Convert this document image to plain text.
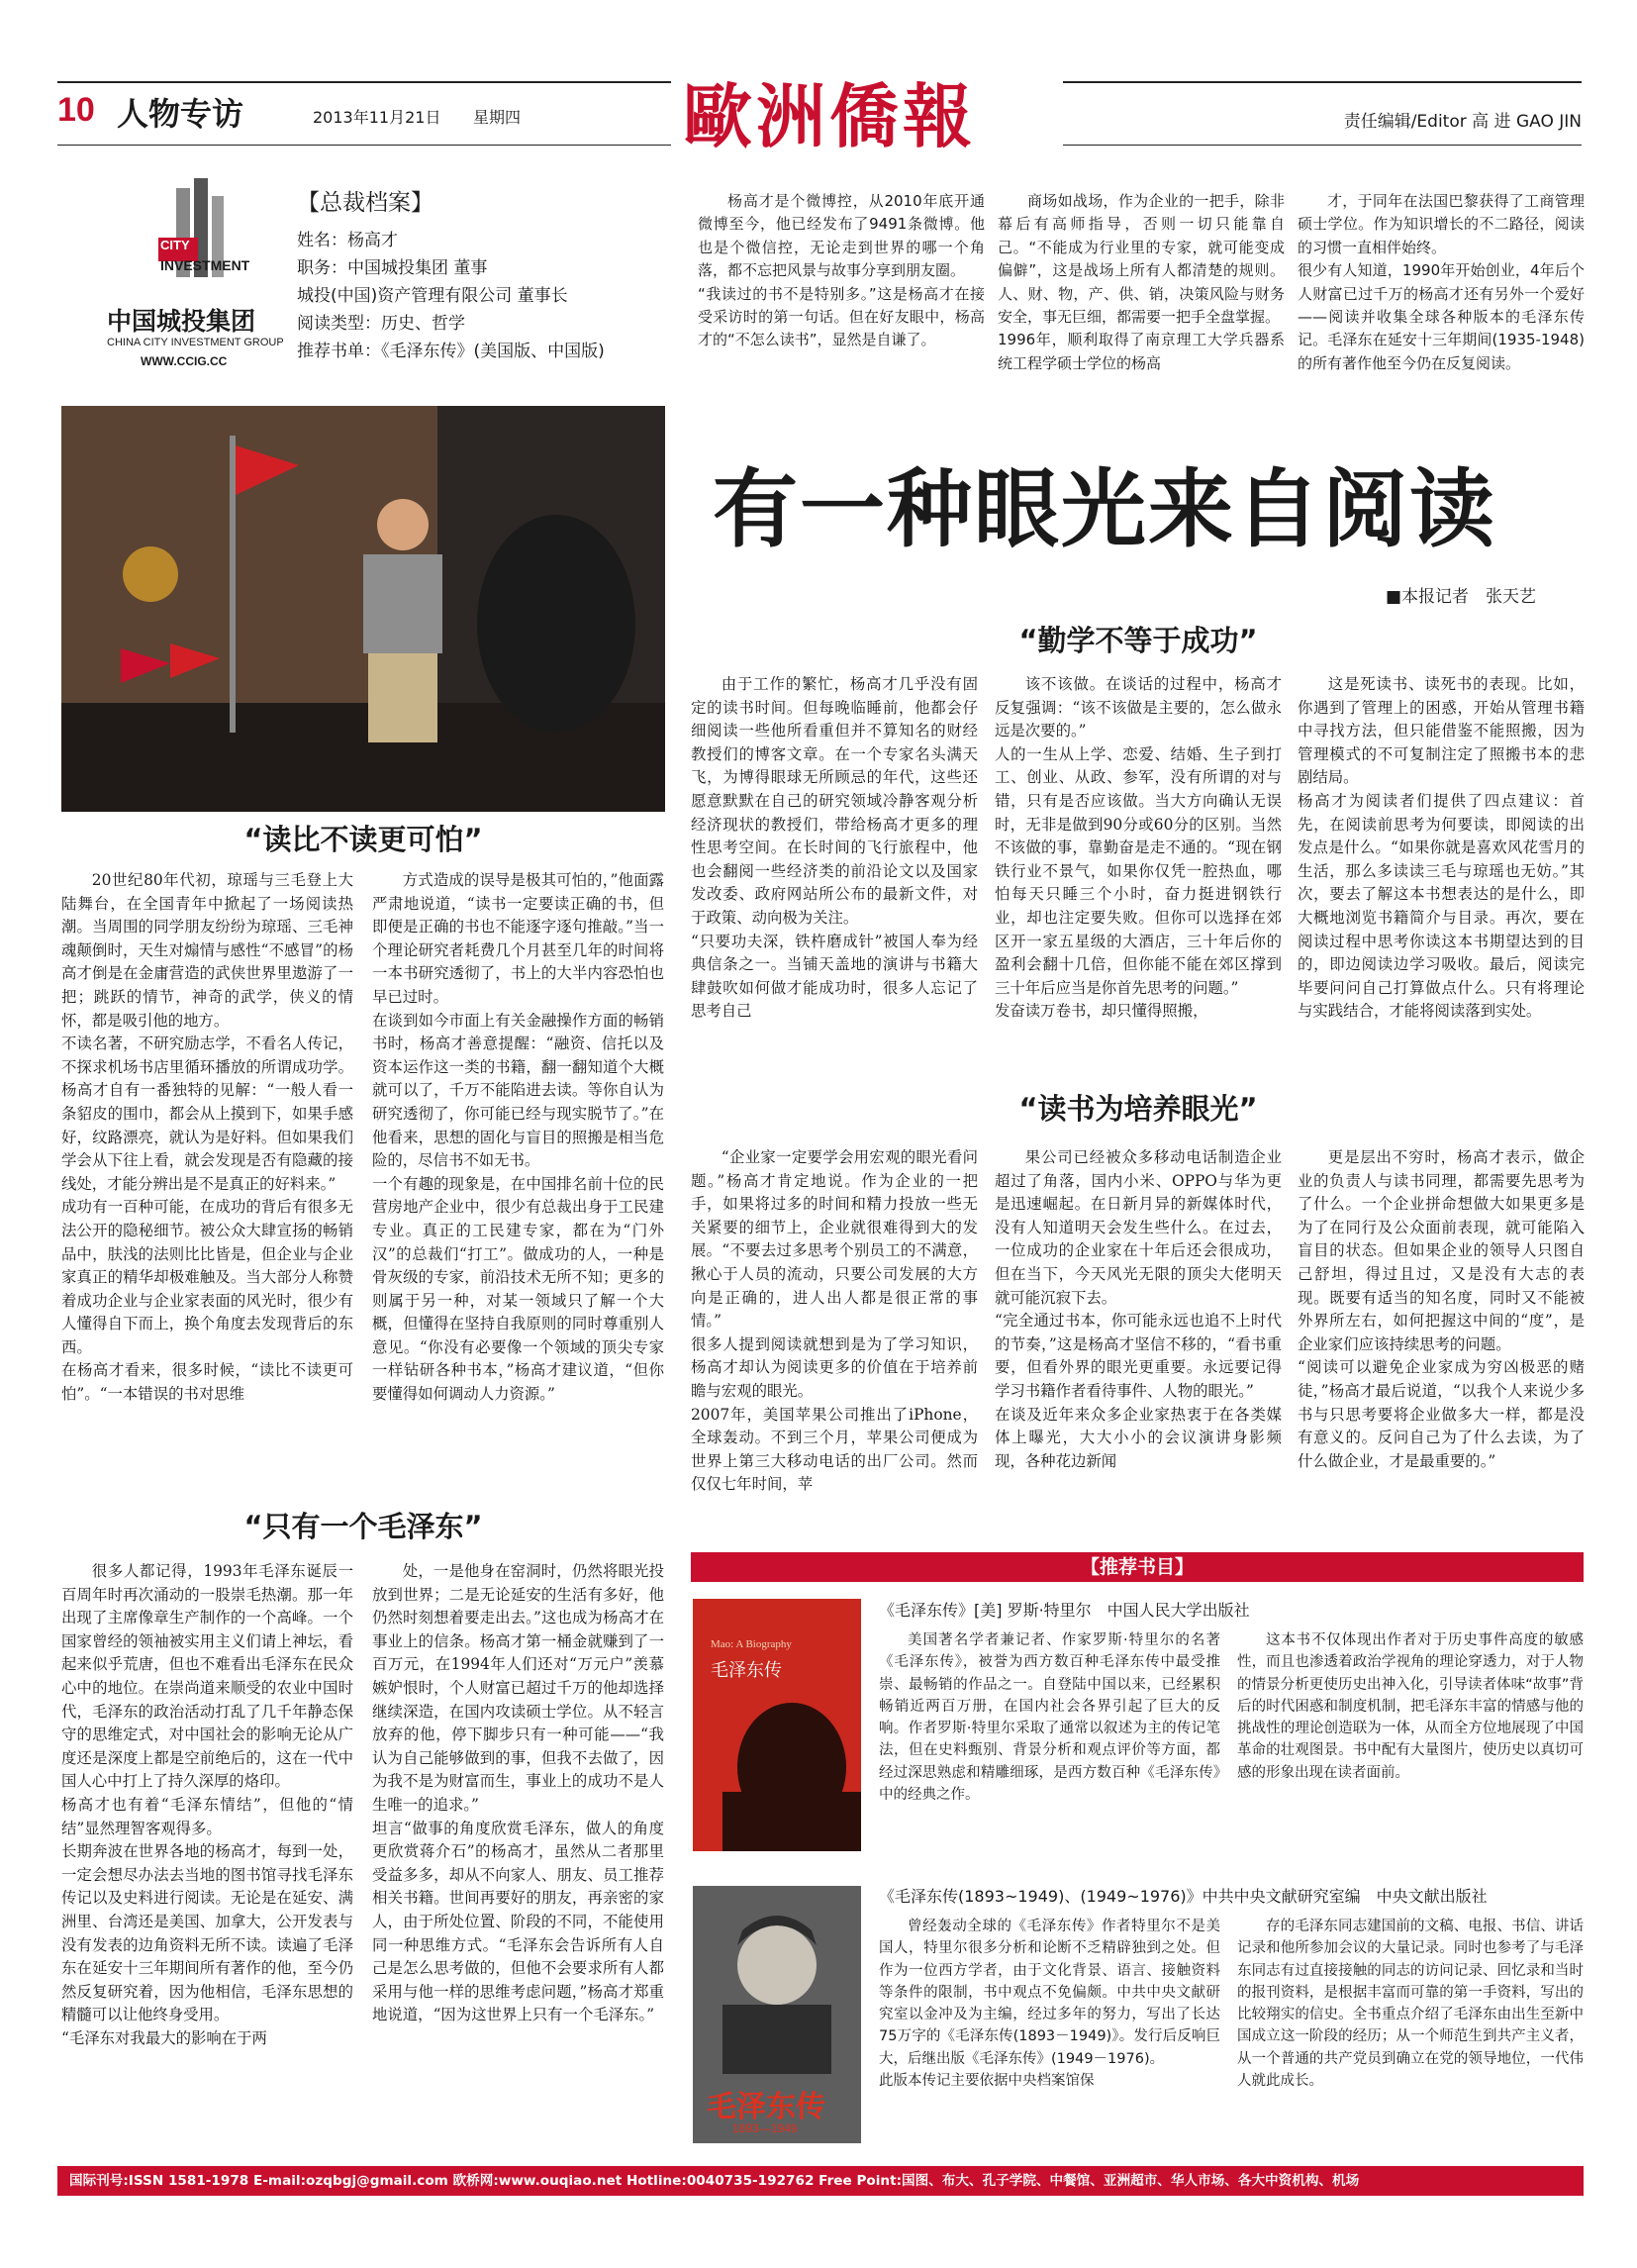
10 人物专访	2013年11月21日 星期四 歐洲僑報	责任编辑/Editor 高 进 GAO JIN
CITY
INVESTMENT
中国城投集团
CHINA CITY INVESTMENT GROUP
WWW.CCIG.CC
【总裁档案】
姓名：杨高才
职务：中国城投集团 董事
城投(中国)资产管理有限公司 董事长
阅读类型：历史、哲学
推荐书单：《毛泽东传》(美国版、中国版)

杨高才是个微博控，从2010年底开通微博至今，他已经发布了9491条微博。他也是个微信控，无论走到世界的哪一个角落，都不忘把风景与故事分享到朋友圈。
“我读过的书不是特别多。”这是杨高才在接受采访时的第一句话。但在好友眼中，杨高才的“不怎么读书”，显然是自谦了。

商场如战场，作为企业的一把手，除非幕后有高师指导，否则一切只能靠自己。“不能成为行业里的专家，就可能变成偏僻”，这是战场上所有人都清楚的规则。人、财、物，产、供、销，决策风险与财务安全，事无巨细，都需要一把手全盘掌握。
1996年，顺利取得了南京理工大学兵器系统工程学硕士学位的杨高

才，于同年在法国巴黎获得了工商管理硕士学位。作为知识增长的不二路径，阅读的习惯一直相伴始终。
很少有人知道，1990年开始创业，4年后个人财富已过千万的杨高才还有另外一个爱好——阅读并收集全球各种版本的毛泽东传记。毛泽东在延安十三年期间(1935-1948)的所有著作他至今仍在反复阅读。

有一种眼光来自阅读
■本报记者　张天艺
“勤学不等于成功”

由于工作的繁忙，杨高才几乎没有固定的读书时间。但每晚临睡前，他都会仔细阅读一些他所看重但并不算知名的财经教授们的博客文章。在一个专家名头满天飞，为博得眼球无所顾忌的年代，这些还愿意默默在自己的研究领域冷静客观分析经济现状的教授们，带给杨高才更多的理性思考空间。在长时间的飞行旅程中，他也会翻阅一些经济类的前沿论文以及国家发改委、政府网站所公布的最新文件，对于政策、动向极为关注。
“只要功夫深，铁杵磨成针”被国人奉为经典信条之一。当铺天盖地的演讲与书籍大肆鼓吹如何做才能成功时，很多人忘记了思考自己

该不该做。在谈话的过程中，杨高才反复强调：“该不该做是主要的，怎么做永远是次要的。”
人的一生从上学、恋爱、结婚、生子到打工、创业、从政、参军，没有所谓的对与错，只有是否应该做。当大方向确认无误时，无非是做到90分或60分的区别。当然不该做的事，靠勤奋是走不通的。“现在钢铁行业不景气，如果你仅凭一腔热血，哪怕每天只睡三个小时，奋力挺进钢铁行业，却也注定要失败。但你可以选择在郊区开一家五星级的大酒店，三十年后你的盈利会翻十几倍，但你能不能在郊区撑到三十年后应当是你首先思考的问题。”
发奋读万卷书，却只懂得照搬，

这是死读书、读死书的表现。比如，你遇到了管理上的困惑，开始从管理书籍中寻找方法，但只能借鉴不能照搬，因为管理模式的不可复制注定了照搬书本的悲剧结局。
杨高才为阅读者们提供了四点建议：首先，在阅读前思考为何要读，即阅读的出发点是什么。“如果你就是喜欢风花雪月的生活，那么多读读三毛与琼瑶也无妨。”其次，要去了解这本书想表达的是什么，即大概地浏览书籍简介与目录。再次，要在阅读过程中思考你读这本书期望达到的目的，即边阅读边学习吸收。最后，阅读完毕要问问自己打算做点什么。只有将理论与实践结合，才能将阅读落到实处。

“读书为培养眼光”

“企业家一定要学会用宏观的眼光看问题。”杨高才肯定地说。作为企业的一把手，如果将过多的时间和精力投放一些无关紧要的细节上，企业就很难得到大的发展。“不要去过多思考个别员工的不满意，揪心于人员的流动，只要公司发展的大方向是正确的，进人出人都是很正常的事情。”
很多人提到阅读就想到是为了学习知识，杨高才却认为阅读更多的价值在于培养前瞻与宏观的眼光。
2007年，美国苹果公司推出了iPhone，全球轰动。不到三个月，苹果公司便成为世界上第三大移动电话的出厂公司。然而仅仅七年时间，苹

果公司已经被众多移动电话制造企业超过了角落，国内小米、OPPO与华为更是迅速崛起。在日新月异的新媒体时代，没有人知道明天会发生些什么。在过去，一位成功的企业家在十年后还会很成功，但在当下，今天风光无限的顶尖大佬明天就可能沉寂下去。
“完全通过书本，你可能永远也追不上时代的节奏，”这是杨高才坚信不移的，“看书重要，但看外界的眼光更重要。永远要记得学习书籍作者看待事件、人物的眼光。”
在谈及近年来众多企业家热衷于在各类媒体上曝光，大大小小的会议演讲身影频现，各种花边新闻

更是层出不穷时，杨高才表示，做企业的负责人与读书同理，都需要先思考为了什么。一个企业拼命想做大如果更多是为了在同行及公众面前表现，就可能陷入盲目的状态。但如果企业的领导人只图自己舒坦，得过且过，又是没有大志的表现。既要有适当的知名度，同时又不能被外界所左右，如何把握这中间的“度”，是企业家们应该持续思考的问题。
“阅读可以避免企业家成为穷凶极恶的赌徒，”杨高才最后说道，“以我个人来说少多书与只思考要将企业做多大一样，都是没有意义的。反问自己为了什么去读，为了什么做企业，才是最重要的。”

“读比不读更可怕”

20世纪80年代初，琼瑶与三毛登上大陆舞台，在全国青年中掀起了一场阅读热潮。当周围的同学朋友纷纷为琼瑶、三毛神魂颠倒时，天生对煽情与感性“不感冒”的杨高才倒是在金庸营造的武侠世界里遨游了一把；跳跃的情节，神奇的武学，侠义的情怀，都是吸引他的地方。
不读名著，不研究励志学，不看名人传记，不探求机场书店里循环播放的所谓成功学。杨高才自有一番独特的见解：“一般人看一条貂皮的围巾，都会从上摸到下，如果手感好，纹路漂亮，就认为是好料。但如果我们学会从下往上看，就会发现是否有隐藏的接线处，才能分辨出是不是真正的好料来。”
成功有一百种可能，在成功的背后有很多无法公开的隐秘细节。被公众大肆宣扬的畅销品中，肤浅的法则比比皆是，但企业与企业家真正的精华却极难触及。当大部分人称赞着成功企业与企业家表面的风光时，很少有人懂得自下而上，换个角度去发现背后的东西。
在杨高才看来，很多时候，“读比不读更可怕”。“一本错误的书对思维

方式造成的误导是极其可怕的，”他面露严肃地说道，“读书一定要读正确的书，但即便是正确的书也不能逐字逐句推敲。”当一个理论研究者耗费几个月甚至几年的时间将一本书研究透彻了，书上的大半内容恐怕也早已过时。
在谈到如今市面上有关金融操作方面的畅销书时，杨高才善意提醒：“融资、信托以及资本运作这一类的书籍，翻一翻知道个大概就可以了，千万不能陷进去读。等你自认为研究透彻了，你可能已经与现实脱节了。”在他看来，思想的固化与盲目的照搬是相当危险的，尽信书不如无书。
一个有趣的现象是，在中国排名前十位的民营房地产企业中，很少有总裁出身于工民建专业。真正的工民建专家，都在为“门外汉”的总裁们“打工”。做成功的人，一种是骨灰级的专家，前沿技术无所不知；更多的则属于另一种，对某一领域只了解一个大概，但懂得在坚持自我原则的同时尊重别人意见。“你没有必要像一个领域的顶尖专家一样钻研各种书本，”杨高才建议道，“但你要懂得如何调动人力资源。”

“只有一个毛泽东”

很多人都记得，1993年毛泽东诞辰一百周年时再次涌动的一股崇毛热潮。那一年出现了主席像章生产制作的一个高峰。一个国家曾经的领袖被实用主义们请上神坛，看起来似乎荒唐，但也不难看出毛泽东在民众心中的地位。在崇尚道来顺受的农业中国时代，毛泽东的政治活动打乱了几千年静态保守的思维定式，对中国社会的影响无论从广度还是深度上都是空前绝后的，这在一代中国人心中打上了持久深厚的烙印。
杨高才也有着“毛泽东情结”，但他的“情结”显然理智客观得多。
长期奔波在世界各地的杨高才，每到一处，一定会想尽办法去当地的图书馆寻找毛泽东传记以及史料进行阅读。无论是在延安、满洲里、台湾还是美国、加拿大，公开发表与没有发表的边角资料无所不读。读遍了毛泽东在延安十三年期间所有著作的他，至今仍然反复研究着，因为他相信，毛泽东思想的精髓可以让他终身受用。
“毛泽东对我最大的影响在于两

处，一是他身在窑洞时，仍然将眼光投放到世界；二是无论延安的生活有多好，他仍然时刻想着要走出去。”这也成为杨高才在事业上的信条。杨高才第一桶金就赚到了一百万元，在1994年人们还对“万元户”羡慕嫉妒恨时，个人财富已超过千万的他却选择继续深造，在国内攻读硕士学位。从不轻言放弃的他，停下脚步只有一种可能——“我认为自己能够做到的事，但我不去做了，因为我不是为财富而生，事业上的成功不是人生唯一的追求。”
坦言“做事的角度欣赏毛泽东，做人的角度更欣赏蒋介石”的杨高才，虽然从二者那里受益多多，却从不向家人、朋友、员工推荐相关书籍。世间再要好的朋友，再亲密的家人，由于所处位置、阶段的不同，不能使用同一种思维方式。“毛泽东会告诉所有人自己是怎么思考做的，但他不会要求所有人都采用与他一样的思维考虑问题，”杨高才郑重地说道，“因为这世界上只有一个毛泽东。”

【推荐书目】
Mao: A Biography
毛泽东传
《毛泽东传》[美] 罗斯·特里尔　中国人民大学出版社

美国著名学者兼记者、作家罗斯·特里尔的名著《毛泽东传》，被誉为西方数百种毛泽东传中最受推崇、最畅销的作品之一。自登陆中国以来，已经累积畅销近两百万册，在国内社会各界引起了巨大的反响。作者罗斯·特里尔采取了通常以叙述为主的传记笔法，但在史料甄别、背景分析和观点评价等方面，都经过深思熟虑和精雕细琢，是西方数百种《毛泽东传》中的经典之作。

这本书不仅体现出作者对于历史事件高度的敏感性，而且也渗透着政治学视角的理论穿透力，对于人物的情景分析更使历史出神入化，引导读者体味“故事”背后的时代困惑和制度机制，把毛泽东丰富的情感与他的挑战性的理论创造联为一体，从而全方位地展现了中国革命的壮观图景。书中配有大量图片，使历史以真切可感的形象出现在读者面前。

毛泽东传
1893—1949
《毛泽东传(1893~1949)、(1949~1976)》中共中央文献研究室编　中央文献出版社

曾经轰动全球的《毛泽东传》作者特里尔不是美国人，特里尔很多分析和论断不乏精辟独到之处。但作为一位西方学者，由于文化背景、语言、接触资料等条件的限制，书中观点不免偏颇。中共中央文献研究室以金冲及为主编，经过多年的努力，写出了长达75万字的《毛泽东传(1893－1949)》。发行后反响巨大，后继出版《毛泽东传》(1949－1976)。
此版本传记主要依据中央档案馆保

存的毛泽东同志建国前的文稿、电报、书信、讲话记录和他所参加会议的大量记录。同时也参考了与毛泽东同志有过直接接触的同志的访问记录、回忆录和当时的报刊资料，是根据丰富而可靠的第一手资料，写出的比较翔实的信史。全书重点介绍了毛泽东由出生至新中国成立这一阶段的经历；从一个师范生到共产主义者，从一个普通的共产党员到确立在党的领导地位，一代伟人就此成长。

国际刊号:ISSN 1581-1978 E-mail:ozqbgj@gmail.com 欧桥网:www.ouqiao.net Hotline:0040735-192762 Free Point:国图、布大、孔子学院、中餐馆、亚洲超市、华人市场、各大中资机构、机场
